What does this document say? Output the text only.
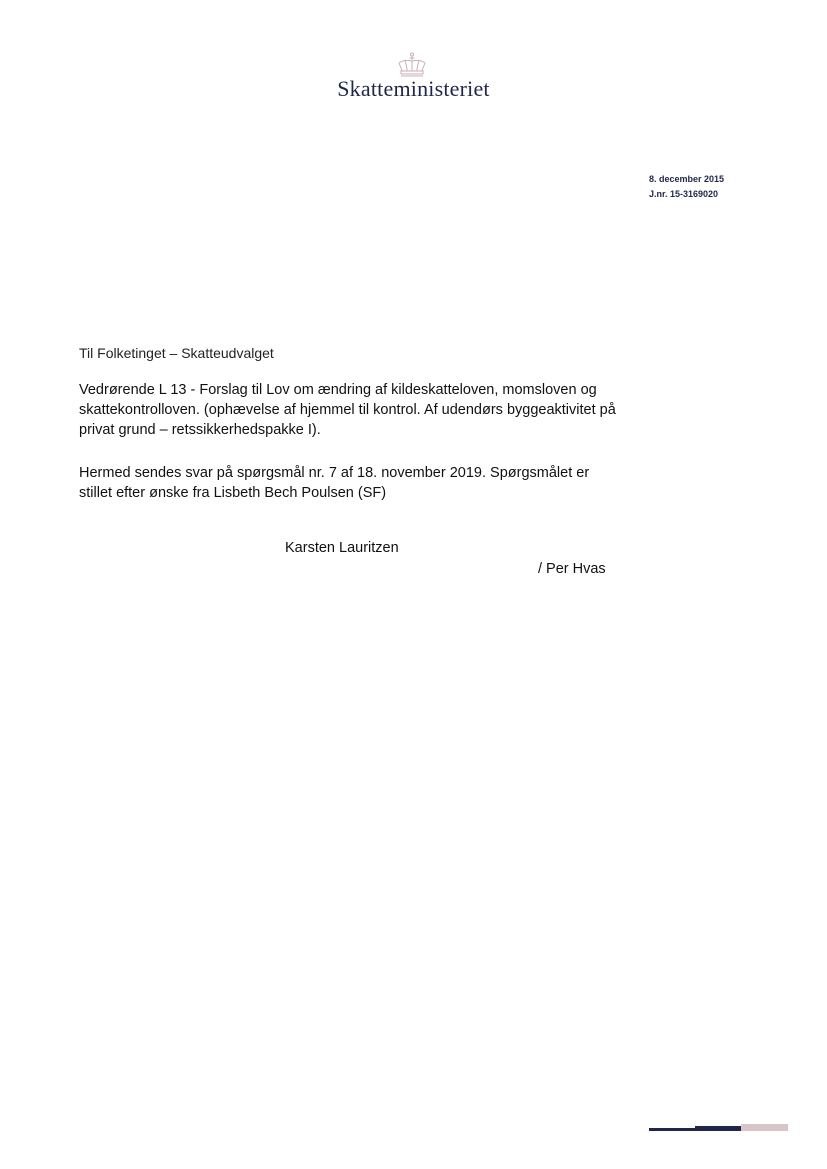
Skatteministeriet
8. december 2015
J.nr. 15-3169020
Til Folketinget – Skatteudvalget
Vedrørende L 13 - Forslag til Lov om ændring af kildeskatteloven, momsloven og skattekontrolloven. (ophævelse af hjemmel til kontrol. Af udendørs byggeaktivitet på privat grund – retssikkerhedspakke I).
Hermed sendes svar på spørgsmål nr. 7 af 18. november 2019. Spørgsmålet er stillet efter ønske fra Lisbeth Bech Poulsen (SF)
Karsten Lauritzen
/ Per Hvas
